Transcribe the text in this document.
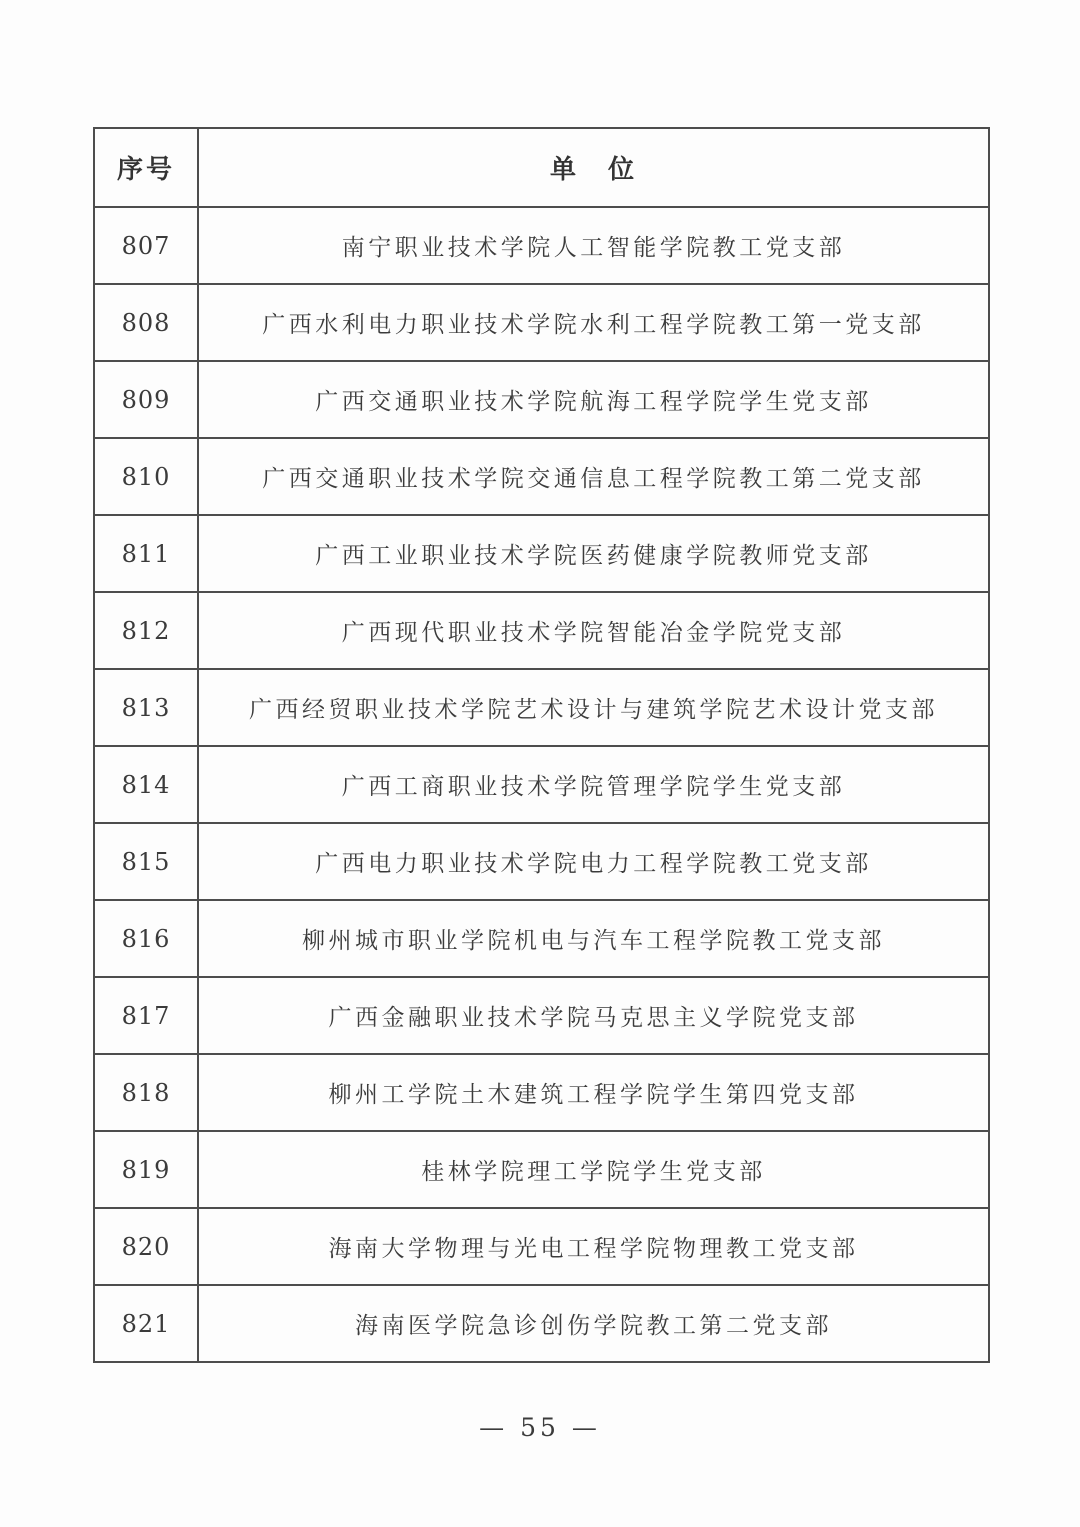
序号	单　位
807	南宁职业技术学院人工智能学院教工党支部
808	广西水利电力职业技术学院水利工程学院教工第一党支部
809	广西交通职业技术学院航海工程学院学生党支部
810	广西交通职业技术学院交通信息工程学院教工第二党支部
811	广西工业职业技术学院医药健康学院教师党支部
812	广西现代职业技术学院智能冶金学院党支部
813	广西经贸职业技术学院艺术设计与建筑学院艺术设计党支部
814	广西工商职业技术学院管理学院学生党支部
815	广西电力职业技术学院电力工程学院教工党支部
816	柳州城市职业学院机电与汽车工程学院教工党支部
817	广西金融职业技术学院马克思主义学院党支部
818	柳州工学院土木建筑工程学院学生第四党支部
819	桂林学院理工学院学生党支部
820	海南大学物理与光电工程学院物理教工党支部
821	海南医学院急诊创伤学院教工第二党支部
— 55 —
